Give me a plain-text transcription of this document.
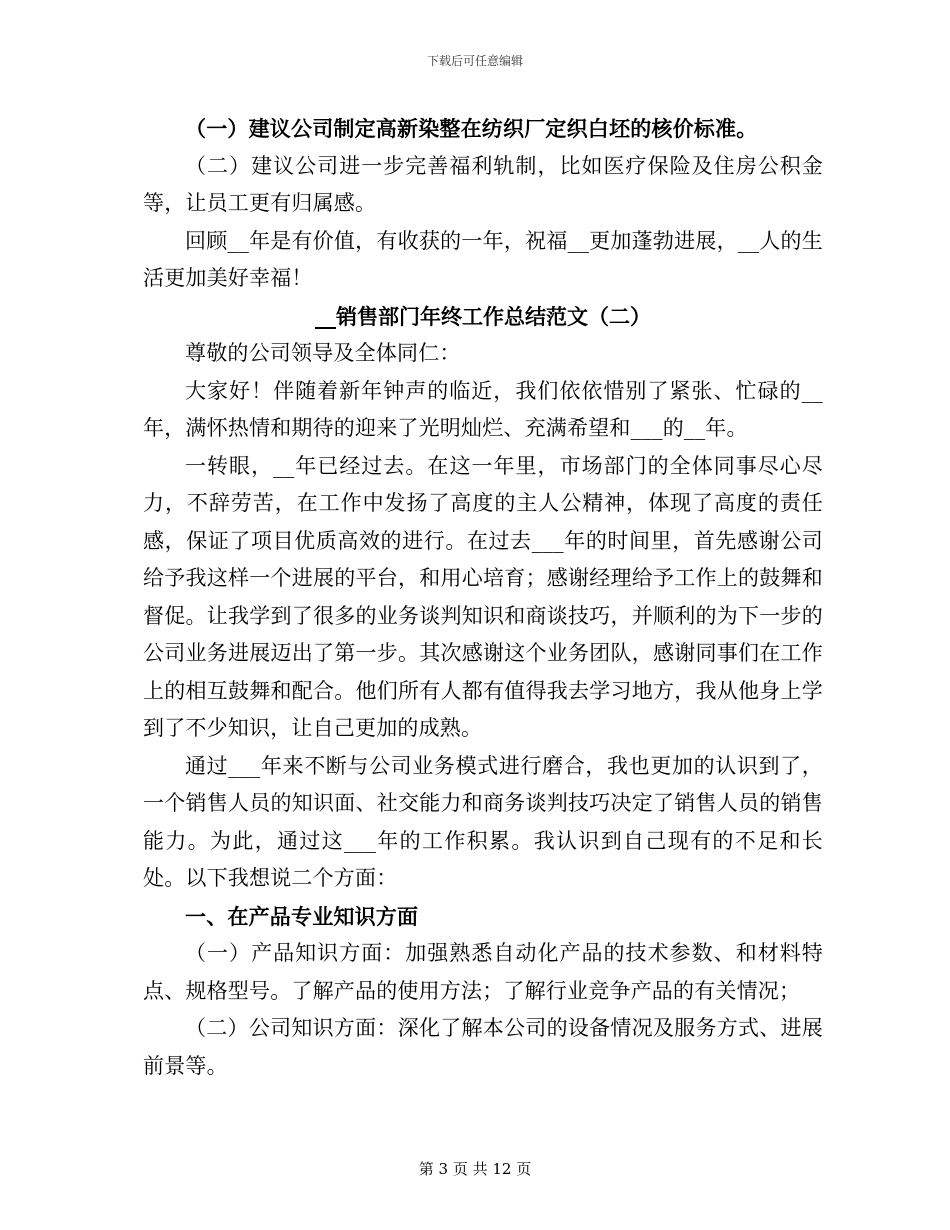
下载后可任意编辑

（一）建议公司制定高新染整在纺织厂定织白坯的核价标准。

（二）建议公司进一步完善福利轨制，比如医疗保险及住房公积金等，让员工更有归属感。

回顾__年是有价值，有收获的一年，祝福__更加蓬勃进展，__人的生活更加美好幸福！

__销售部门年终工作总结范文（二）

尊敬的公司领导及全体同仁：

大家好！伴随着新年钟声的临近，我们依依惜别了紧张、忙碌的__年，满怀热情和期待的迎来了光明灿烂、充满希望和___的__年。

一转眼，__年已经过去。在这一年里，市场部门的全体同事尽心尽力，不辞劳苦，在工作中发扬了高度的主人公精神，体现了高度的责任感，保证了项目优质高效的进行。在过去___年的时间里，首先感谢公司给予我这样一个进展的平台，和用心培育；感谢经理给予工作上的鼓舞和督促。让我学到了很多的业务谈判知识和商谈技巧，并顺利的为下一步的公司业务进展迈出了第一步。其次感谢这个业务团队，感谢同事们在工作上的相互鼓舞和配合。他们所有人都有值得我去学习地方，我从他身上学到了不少知识，让自己更加的成熟。

通过___年来不断与公司业务模式进行磨合，我也更加的认识到了，一个销售人员的知识面、社交能力和商务谈判技巧决定了销售人员的销售能力。为此，通过这___年的工作积累。我认识到自己现有的不足和长处。以下我想说二个方面：

一、在产品专业知识方面

（一）产品知识方面：加强熟悉自动化产品的技术参数、和材料特点、规格型号。了解产品的使用方法；了解行业竞争产品的有关情况；

（二）公司知识方面：深化了解本公司的设备情况及服务方式、进展前景等。

第 3 页 共 12 页
